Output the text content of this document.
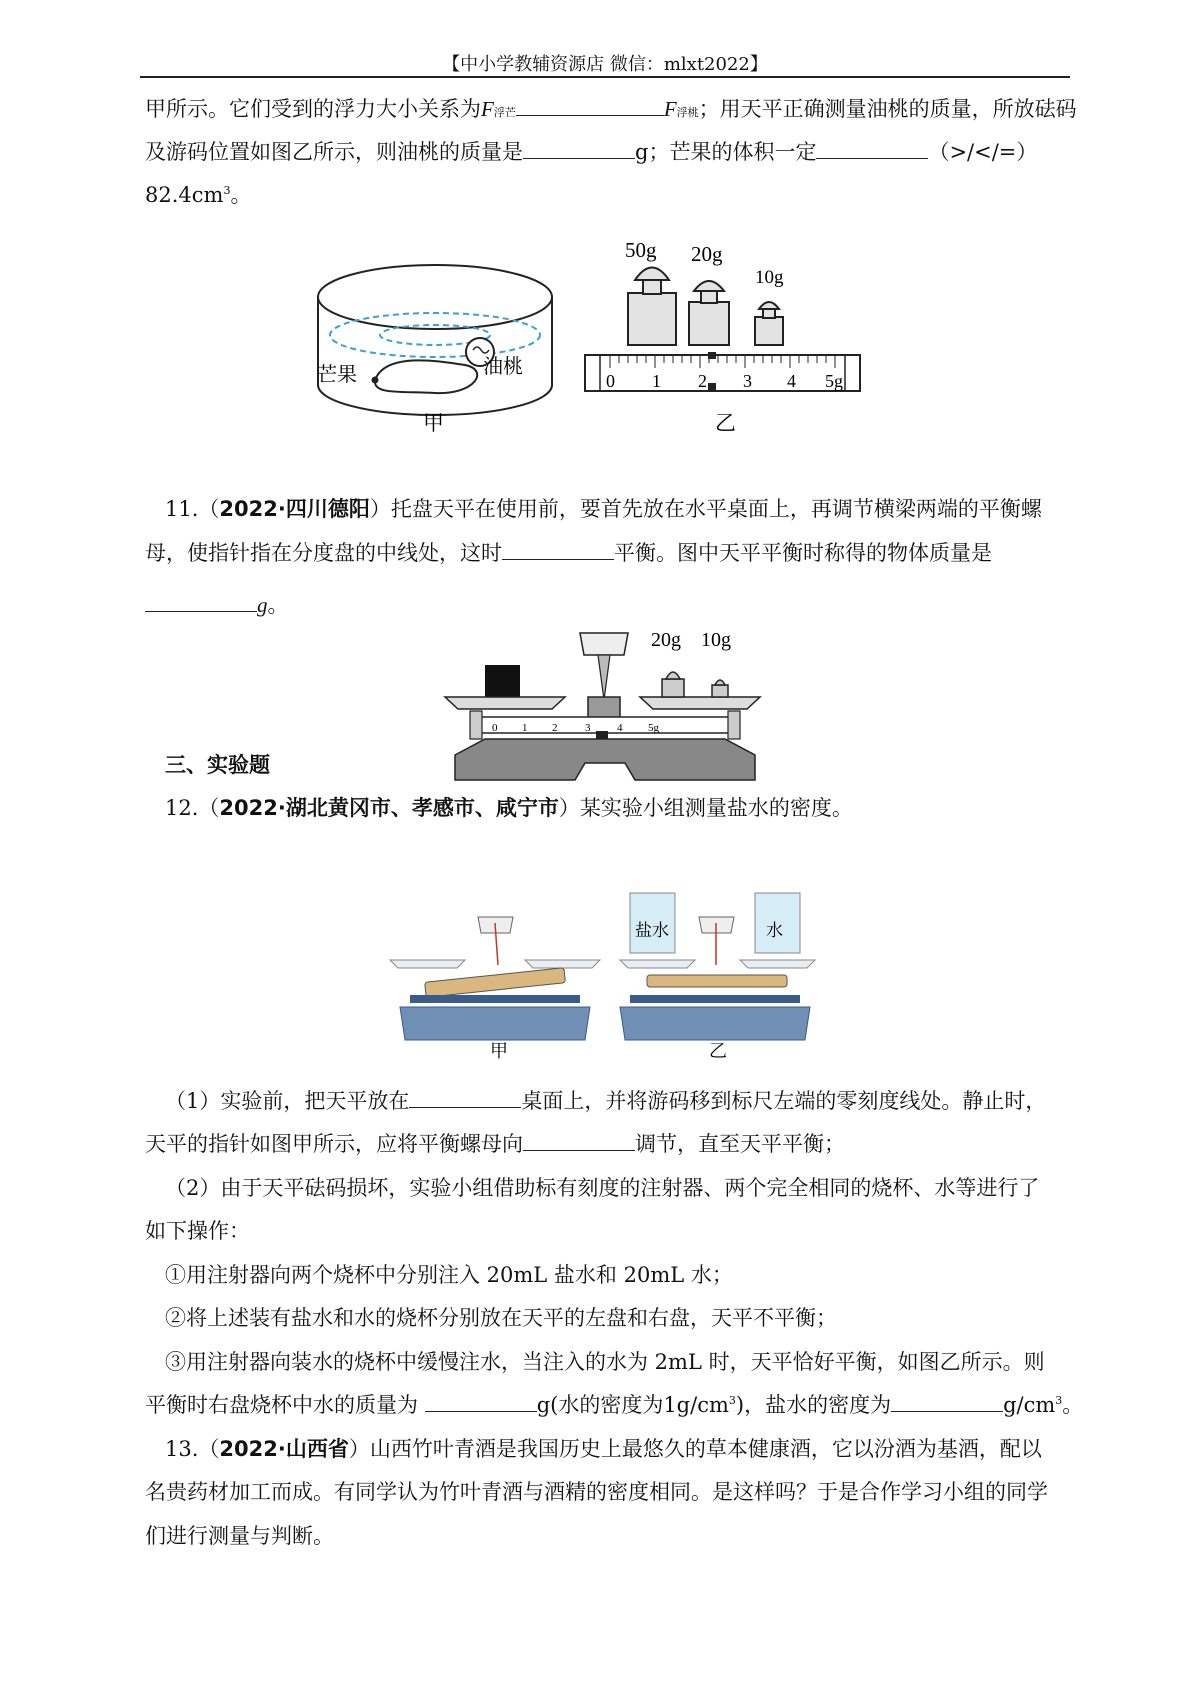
【中小学教辅资源店 微信：mlxt2022】
甲所示。它们受到的浮力大小关系为F浮芒	F浮桃；用天平正确测量油桃的质量，所放砝码
及游码位置如图乙所示，则油桃的质量是	g；芒果的体积一定	（>/</=）
$82.4cm^3$。
芒果	油桃
甲
50g 20g
10g
0 1 2 3 4 5g
乙
11.（2022·四川德阳）托盘天平在使用前，要首先放在水平桌面上，再调节横梁两端的平衡螺
母，使指针指在分度盘的中线处，这时	平衡。图中天平平衡时称得的物体质量是
g。
20g 10g
0 1 2	3 4 5g
三、实验题
12.（2022·湖北黄冈市、孝感市、咸宁市）某实验小组测量盐水的密度。
甲
盐水	水
乙
（1）实验前，把天平放在	桌面上，并将游码移到标尺左端的零刻度线处。静止时，
天平的指针如图甲所示，应将平衡螺母向	调节，直至天平平衡；
（2）由于天平砝码损坏，实验小组借助标有刻度的注射器、两个完全相同的烧杯、水等进行了
如下操作：
①用注射器向两个烧杯中分别注入 20mL 盐水和 20mL 水；
②将上述装有盐水和水的烧杯分别放在天平的左盘和右盘，天平不平衡；
③用注射器向装水的烧杯中缓慢注水，当注入的水为 2mL 时，天平恰好平衡，如图乙所示。则
平衡时右盘烧杯中水的质量为	g(水的密度为$1g/cm^3$)，盐水的密度为	$g/cm^3$。
13.（2022·山西省）山西竹叶青酒是我国历史上最悠久的草本健康酒，它以汾酒为基酒，配以
名贵药材加工而成。有同学认为竹叶青酒与酒精的密度相同。是这样吗？于是合作学习小组的同学
们进行测量与判断。
